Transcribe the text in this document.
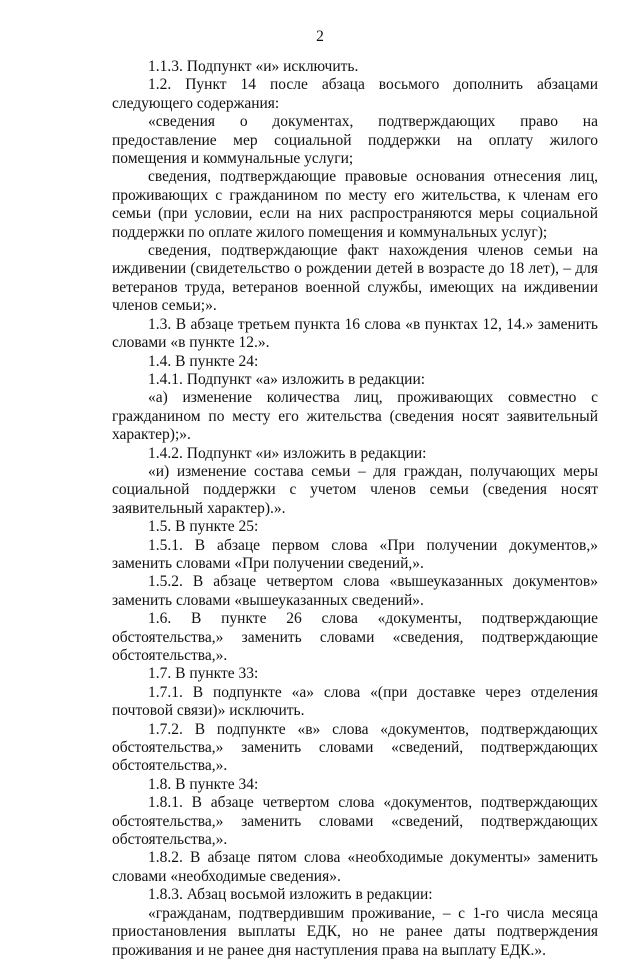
2

1.1.3. Подпункт «и» исключить.

1.2. Пункт 14 после абзаца восьмого дополнить абзацами следующего содержания:

«сведения о документах, подтверждающих право на предоставление мер социальной поддержки на оплату жилого помещения и коммунальные услуги;

сведения, подтверждающие правовые основания отнесения лиц, проживающих с гражданином по месту его жительства, к членам его семьи (при условии, если на них распространяются меры социальной поддержки по оплате жилого помещения и коммунальных услуг);

сведения, подтверждающие факт нахождения членов семьи на иждивении (свидетельство о рождении детей в возрасте до 18 лет), – для ветеранов труда, ветеранов военной службы, имеющих на иждивении членов семьи;».

1.3. В абзаце третьем пункта 16 слова «в пунктах 12, 14.» заменить словами «в пункте 12.».

1.4. В пункте 24:

1.4.1. Подпункт «а» изложить в редакции:

«а) изменение количества лиц, проживающих совместно с гражданином по месту его жительства (сведения носят заявительный характер);».

1.4.2. Подпункт «и» изложить в редакции:

«и) изменение состава семьи – для граждан, получающих меры социальной поддержки с учетом членов семьи (сведения носят заявительный характер).».

1.5. В пункте 25:

1.5.1. В абзаце первом слова «При получении документов,» заменить словами «При получении сведений,».

1.5.2. В абзаце четвертом слова «вышеуказанных документов» заменить словами «вышеуказанных сведений».

1.6. В пункте 26 слова «документы, подтверждающие обстоятельства,» заменить словами «сведения, подтверждающие обстоятельства,».

1.7. В пункте 33:

1.7.1. В подпункте «а» слова «(при доставке через отделения почтовой связи)» исключить.

1.7.2. В подпункте «в» слова «документов, подтверждающих обстоятельства,» заменить словами «сведений, подтверждающих обстоятельства,».

1.8. В пункте 34:

1.8.1. В абзаце четвертом слова «документов, подтверждающих обстоятельства,» заменить словами «сведений, подтверждающих обстоятельства,».

1.8.2. В абзаце пятом слова «необходимые документы» заменить словами «необходимые сведения».

1.8.3. Абзац восьмой изложить в редакции:

«гражданам, подтвердившим проживание, – с 1-го числа месяца приостановления выплаты ЕДК, но не ранее даты подтверждения проживания и не ранее дня наступления права на выплату ЕДК.».
